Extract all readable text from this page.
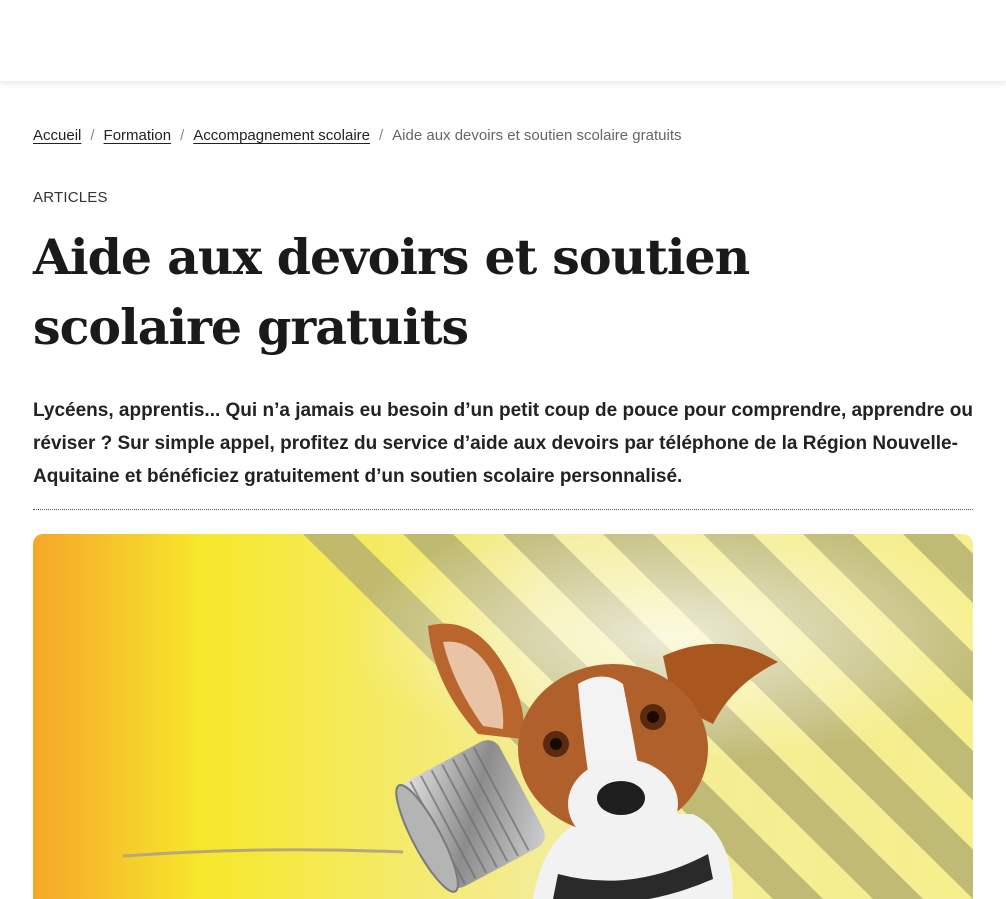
Accueil / Formation / Accompagnement scolaire / Aide aux devoirs et soutien scolaire gratuits
ARTICLES
Aide aux devoirs et soutien scolaire gratuits

Lycéens, apprentis... Qui n’a jamais eu besoin d’un petit coup de pouce pour comprendre, apprendre ou réviser ? Sur simple appel, profitez du service d’aide aux devoirs par téléphone de la Région Nouvelle-Aquitaine et bénéficiez gratuitement d’un soutien scolaire personnalisé.
